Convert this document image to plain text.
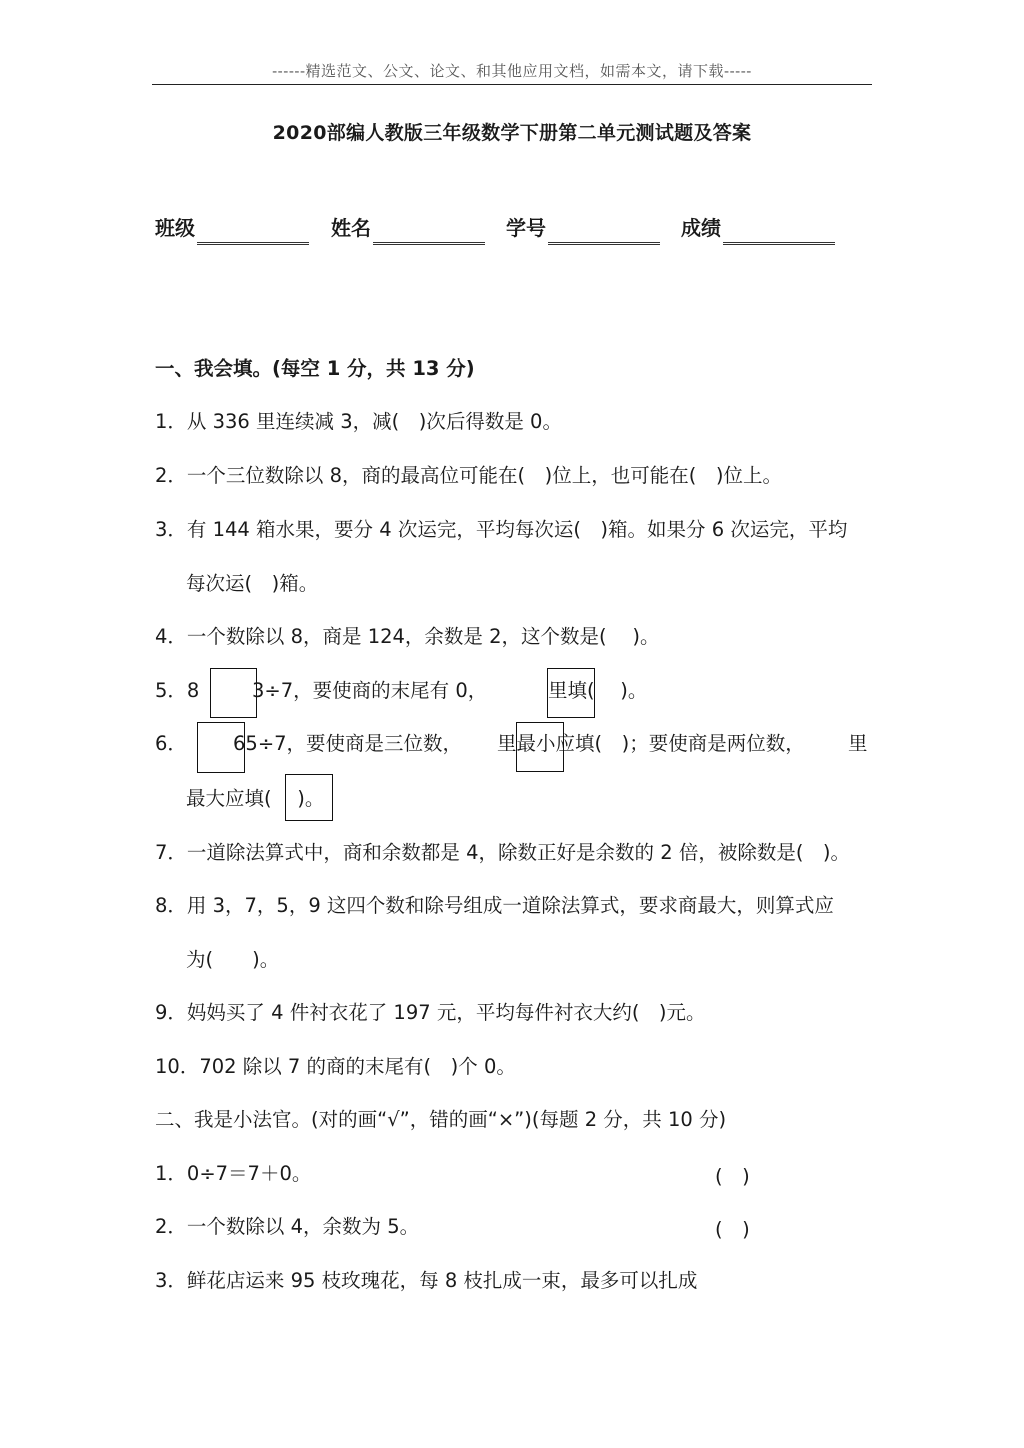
------精选范文、公文、论文、和其他应用文档，如需本文，请下载-----
2020部编人教版三年级数学下册第二单元测试题及答案
班级	姓名	学号	成绩
一、我会填。(每空 1 分，共 13 分)
1．从 336 里连续减 3，减(　)次后得数是 0。
2．一个三位数除以 8，商的最高位可能在(　)位上，也可能在(　)位上。
3．有 144 箱水果，要分 4 次运完，平均每次运(　)箱。如果分 6 次运完，平均
每次运(　)箱。
4．一个数除以 8，商是 124，余数是 2，这个数是(　 )。
5．8	3÷7，要使商的末尾有 0，	里填(　 )。
6． 65÷7，要使商是三位数， 里最小应填(　)；要使商是两位数， 里
最大应填(　 )。
7．一道除法算式中，商和余数都是 4，除数正好是余数的 2 倍，被除数是(　)。
8．用 3，7，5，9 这四个数和除号组成一道除法算式，要求商最大，则算式应
为(　　)。
9．妈妈买了 4 件衬衣花了 197 元，平均每件衬衣大约(　)元。
10．702 除以 7 的商的末尾有(　)个 0。
二、我是小法官。(对的画“√”，错的画“×”)(每题 2 分，共 10 分)
1．0÷7＝7＋0。	(　)
2．一个数除以 4，余数为 5。	(　)
3．鲜花店运来 95 枝玫瑰花，每 8 枝扎成一束，最多可以扎成
